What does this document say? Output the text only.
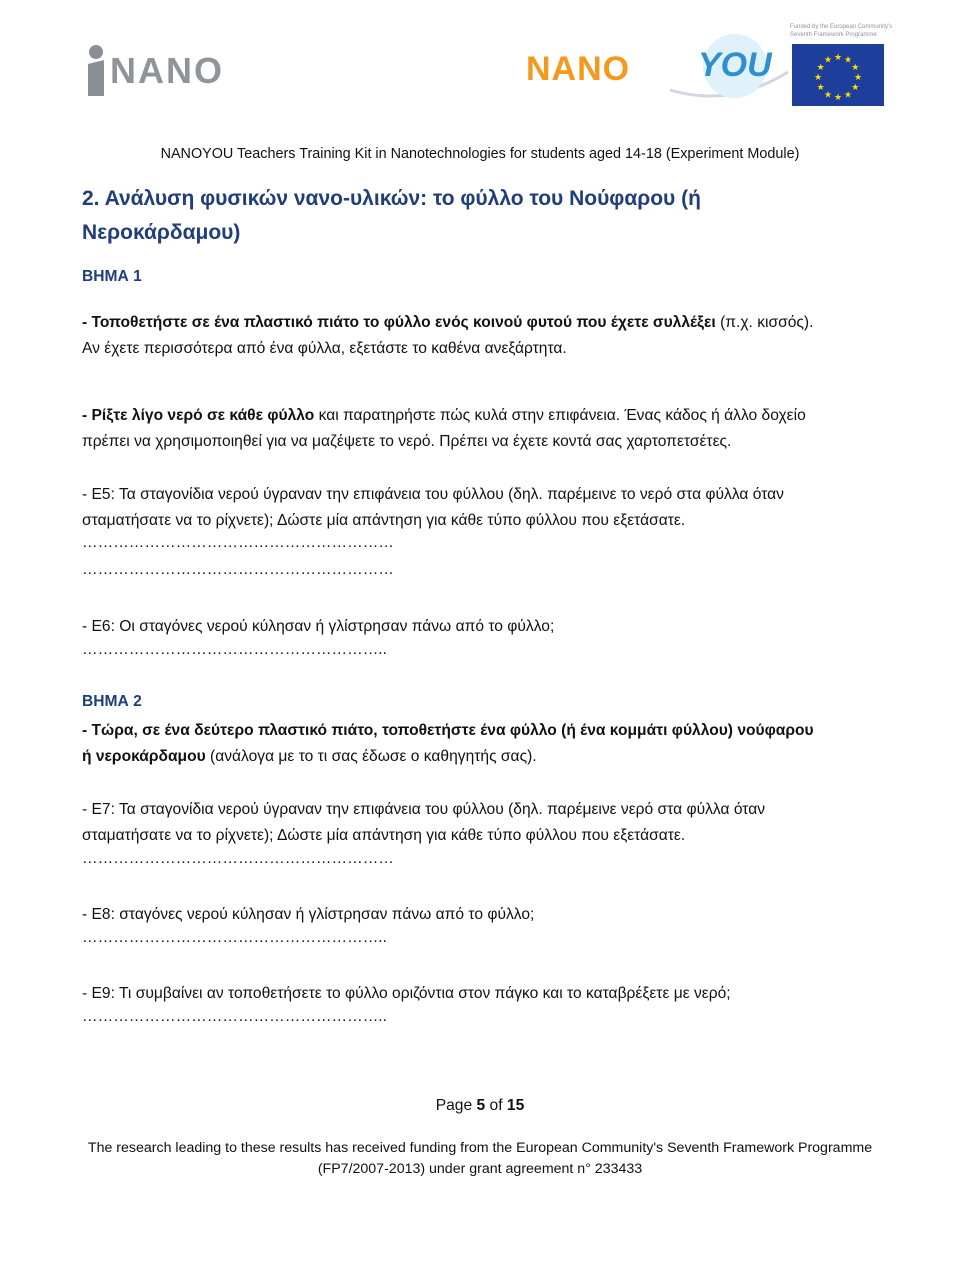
NANO	NANO YOU
Funded by the European Community's
Seventh Framework Programme
★ ★
★
★
★
★
★
★
★
★
★
★
NANOYOU Teachers Training Kit in Nanotechnologies for students aged 14-18 (Experiment Module)
2. Ανάλυση φυσικών νανο-υλικών: το φύλλο του Νούφαρου (ή
Νεροκάρδαμου)
ΒΗΜΑ 1
- Τοποθετήστε σε ένα πλαστικό πιάτο το φύλλο ενός κοινού φυτού που έχετε συλλέξει (π.χ. κισσός).
Αν έχετε περισσότερα από ένα φύλλα, εξετάστε το καθένα ανεξάρτητα.
- Ρίξτε λίγο νερό σε κάθε φύλλο και παρατηρήστε πώς κυλά στην επιφάνεια. Ένας κάδος ή άλλο δοχείο
πρέπει να χρησιμοποιηθεί για να μαζέψετε το νερό. Πρέπει να έχετε κοντά σας χαρτοπετσέτες.
- Ε5: Τα σταγονίδια νερού ύγραναν την επιφάνεια του φύλλου (δηλ. παρέμεινε το νερό στα φύλλα όταν
σταματήσατε να το ρίχνετε); Δώστε μία απάντηση για κάθε τύπο φύλλου που εξετάσατε.
……………………………………………………
……………………………………………………
- Ε6: Οι σταγόνες νερού κύλησαν ή γλίστρησαν πάνω από το φύλλο;
…………………………………………………..
ΒΗΜΑ 2
- Τώρα, σε ένα δεύτερο πλαστικό πιάτο, τοποθετήστε ένα φύλλο (ή ένα κομμάτι φύλλου) νούφαρου
ή νεροκάρδαμου (ανάλογα με το τι σας έδωσε ο καθηγητής σας).
- Ε7: Τα σταγονίδια νερού ύγραναν την επιφάνεια του φύλλου (δηλ. παρέμεινε νερό στα φύλλα όταν
σταματήσατε να το ρίχνετε); Δώστε μία απάντηση για κάθε τύπο φύλλου που εξετάσατε.
……………………………………………………
- Ε8: σταγόνες νερού κύλησαν ή γλίστρησαν πάνω από το φύλλο;
…………………………………………………..
- Ε9: Τι συμβαίνει αν τοποθετήσετε το φύλλο οριζόντια στον πάγκο και το καταβρέξετε με νερό;
…………………………………………………..
Page 5 of 15
The research leading to these results has received funding from the European Community's Seventh Framework Programme
(FP7/2007-2013) under grant agreement n° 233433
